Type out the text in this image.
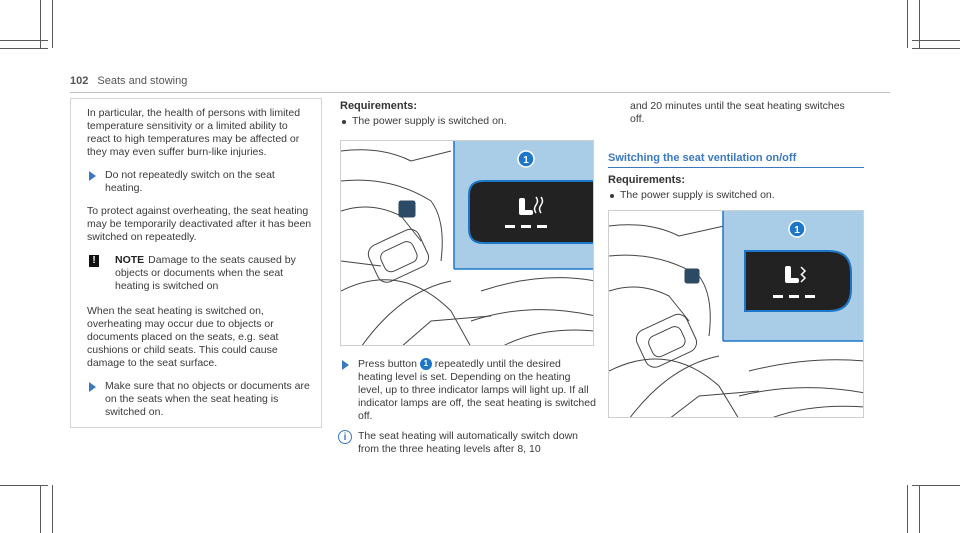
102 Seats and stowing

In particular, the health of persons with limited temperature sensitivity or a limited ability to react to high temperatures may be affected or they may even suffer burn-like injuries.

Do not repeatedly switch on the seat heating.

To protect against overheating, the seat heating may be temporarily deactivated after it has been switched on repeatedly.

!	NOTE Damage to the seats caused by objects or documents when the seat heating is switched on

When the seat heating is switched on, overheating may occur due to objects or documents placed on the seats, e.g. seat cushions or child seats. This could cause damage to the seat surface.

Make sure that no objects or documents are on the seats when the seat heating is switched on.
Requirements:
The power supply is switched on.
1
Press button 1 repeatedly until the desired heating level is set. Depending on the heating level, up to three indicator lamps will light up. If all indicator lamps are off, the seat heating is switched off.
i	The seat heating will automatically switch down from the three heating levels after 8, 10
and 20 minutes until the seat heating switches off.
Switching the seat ventilation on/off
Requirements:
The power supply is switched on.
1
